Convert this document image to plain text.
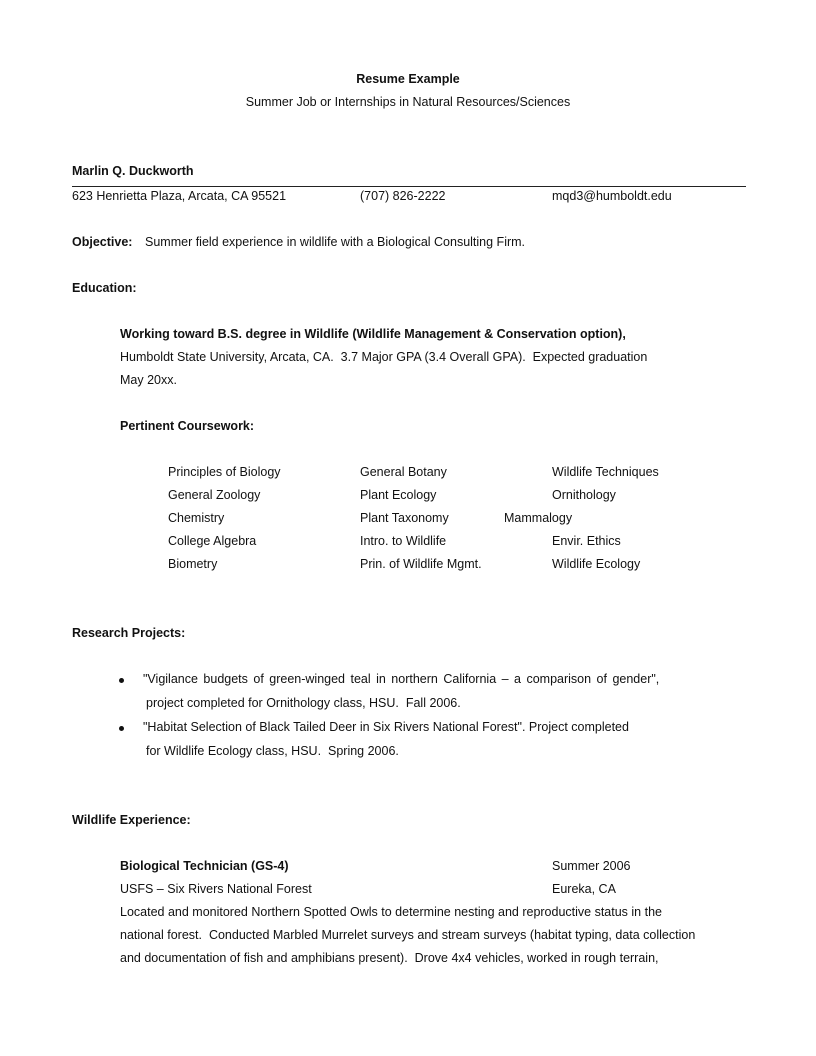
Resume Example
Summer Job or Internships in Natural Resources/Sciences
Marlin Q. Duckworth
623 Henrietta Plaza, Arcata, CA 95521	(707) 826-2222	mqd3@humboldt.edu
Objective: Summer field experience in wildlife with a Biological Consulting Firm.
Education:
Working toward B.S. degree in Wildlife (Wildlife Management & Conservation option),
Humboldt State University, Arcata, CA.  3.7 Major GPA (3.4 Overall GPA).  Expected graduation
May 20xx.
Pertinent Coursework:
Principles of Biology	General Botany	Wildlife Techniques
General Zoology	Plant Ecology	Ornithology
Chemistry	Plant Taxonomy	Mammalogy
College Algebra	Intro. to Wildlife	Envir. Ethics
Biometry	Prin. of Wildlife Mgmt.	Wildlife Ecology
Research Projects:
"Vigilance budgets of green-winged teal in northern California – a comparison of gender",
project completed for Ornithology class, HSU.  Fall 2006.
"Habitat Selection of Black Tailed Deer in Six Rivers National Forest". Project completed
for Wildlife Ecology class, HSU.  Spring 2006.
Wildlife Experience:
Biological Technician (GS-4)	Summer 2006
USFS – Six Rivers National Forest	Eureka, CA
Located and monitored Northern Spotted Owls to determine nesting and reproductive status in the
national forest.  Conducted Marbled Murrelet surveys and stream surveys (habitat typing, data collection
and documentation of fish and amphibians present).  Drove 4x4 vehicles, worked in rough terrain,
